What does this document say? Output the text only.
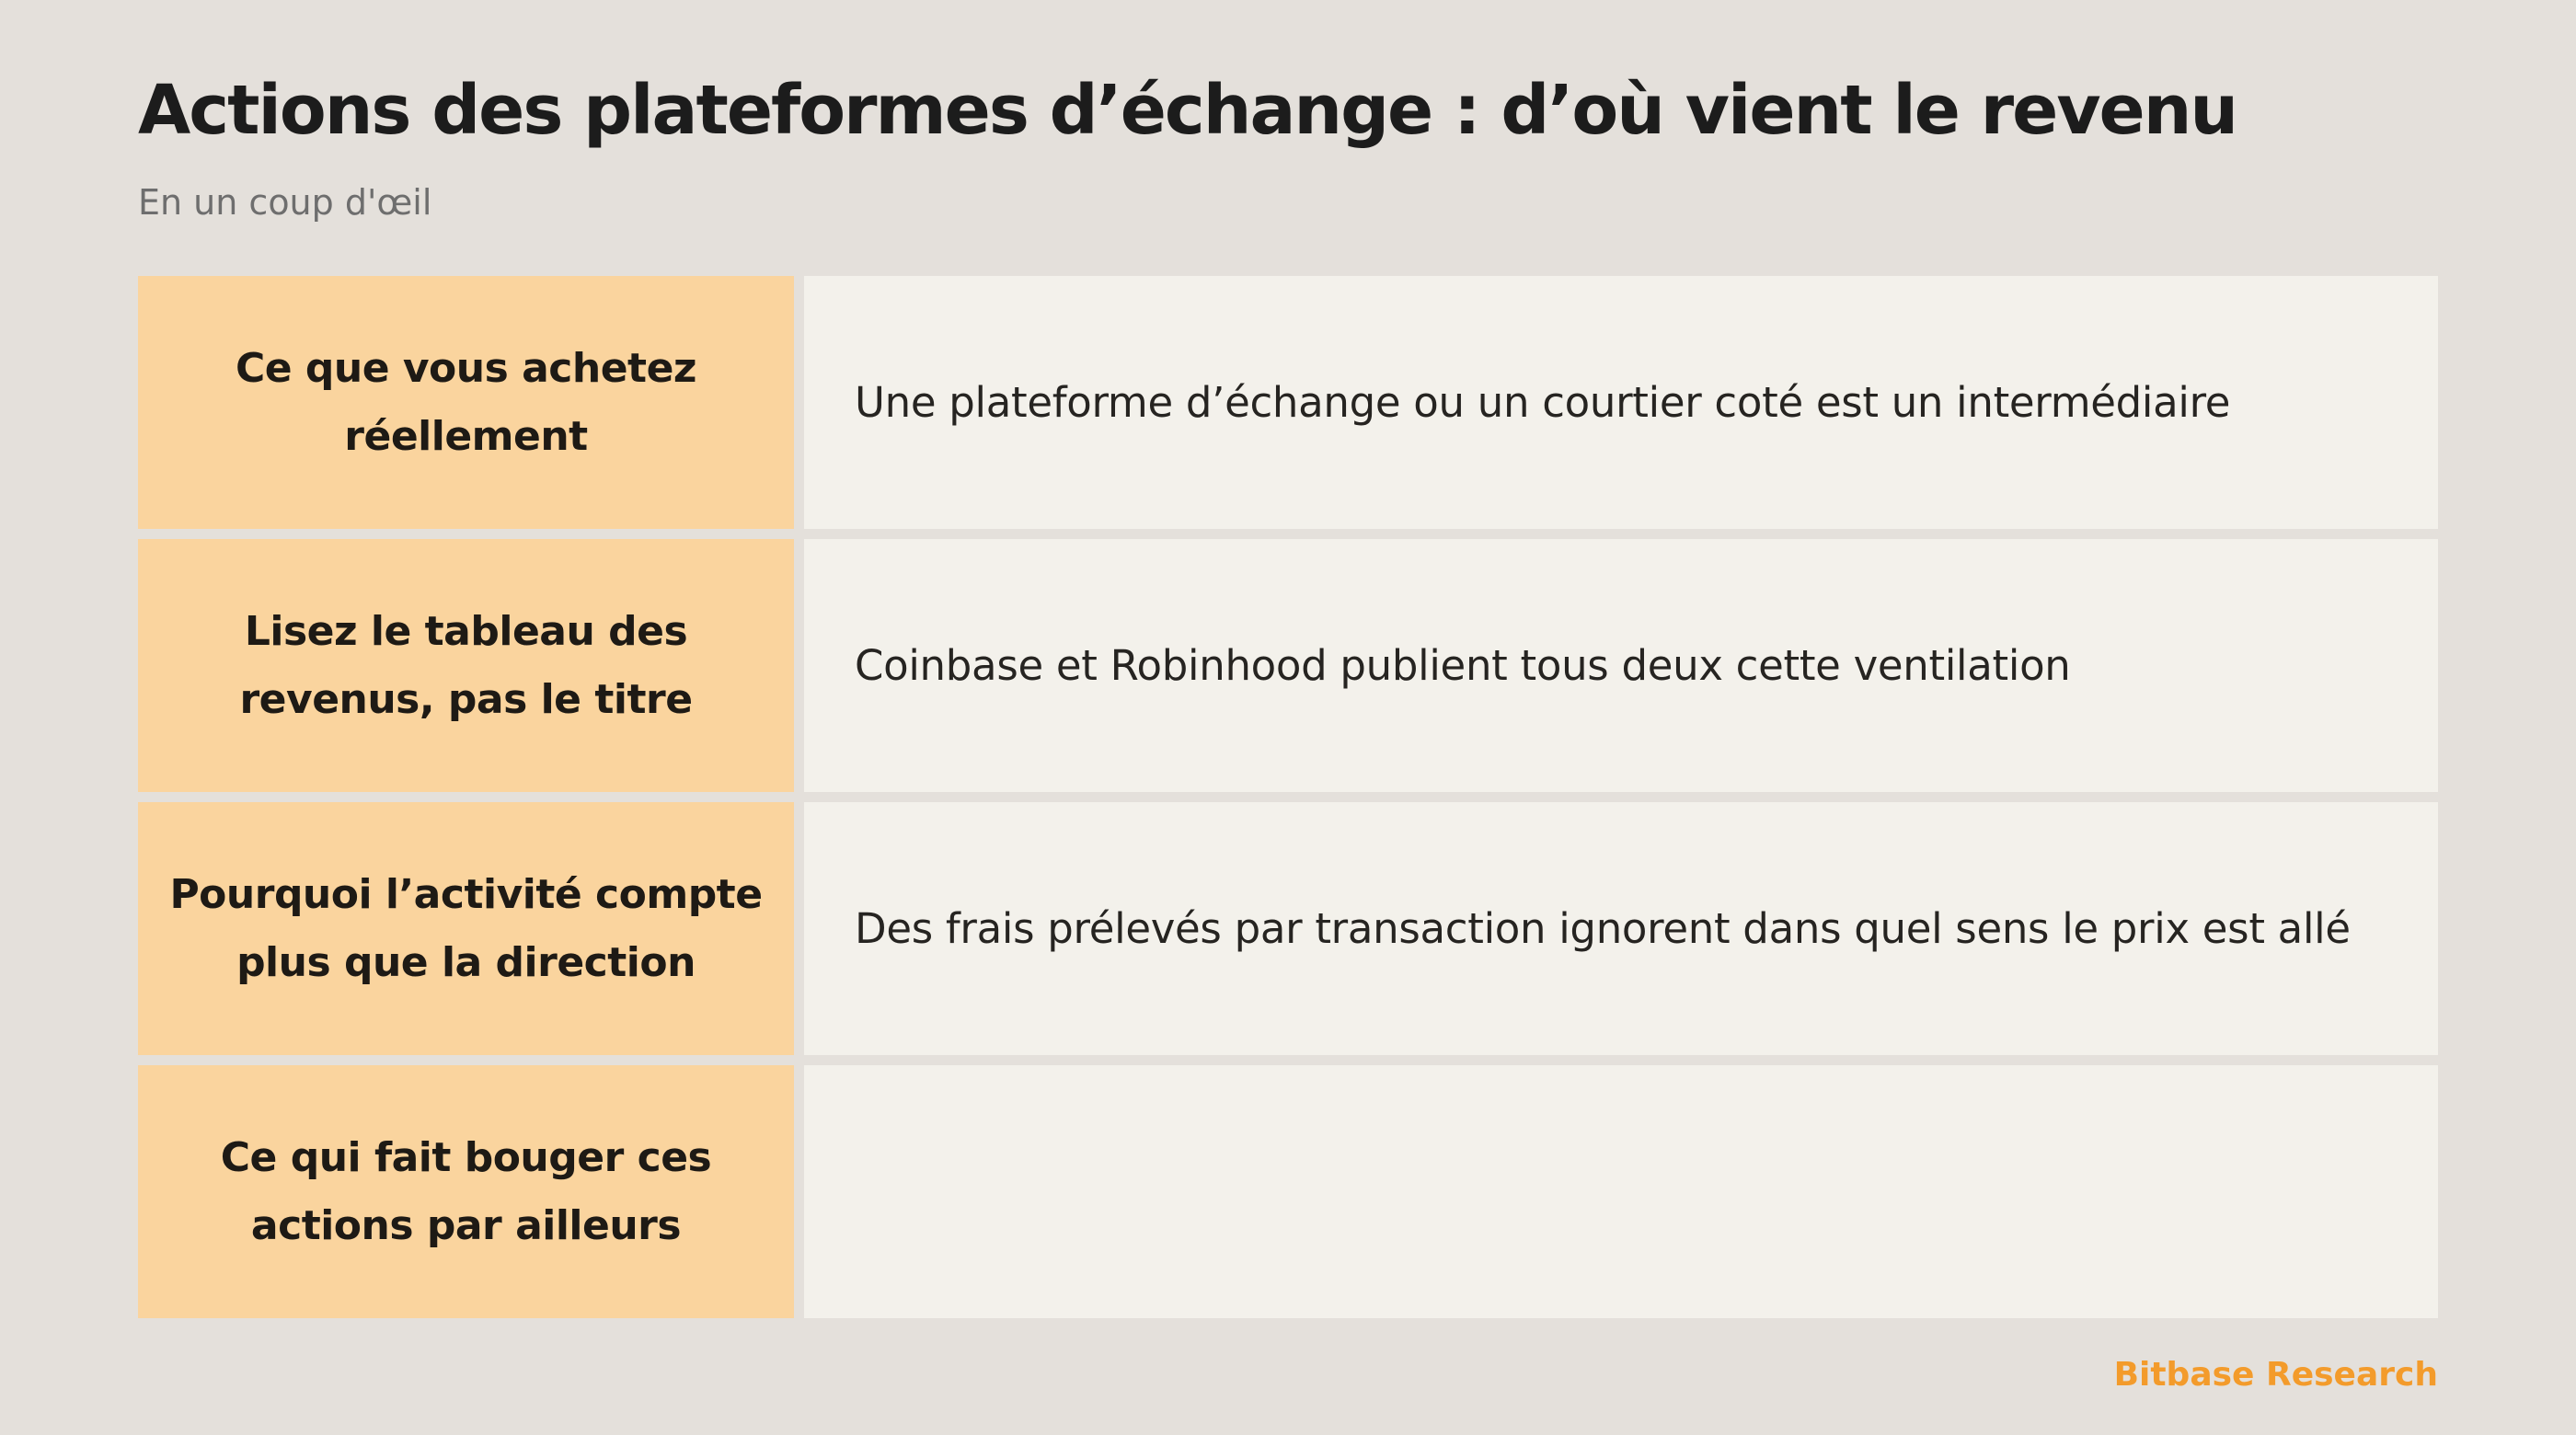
Actions des plateformes d’échange : d’où vient le revenu
En un coup d'œil
Ce que vous achetez réellement
Une plateforme d’échange ou un courtier coté est un intermédiaire
Lisez le tableau des revenus, pas le titre
Coinbase et Robinhood publient tous deux cette ventilation
Pourquoi l’activité compte plus que la direction
Des frais prélevés par transaction ignorent dans quel sens le prix est allé
Ce qui fait bouger ces actions par ailleurs
Bitbase Research
